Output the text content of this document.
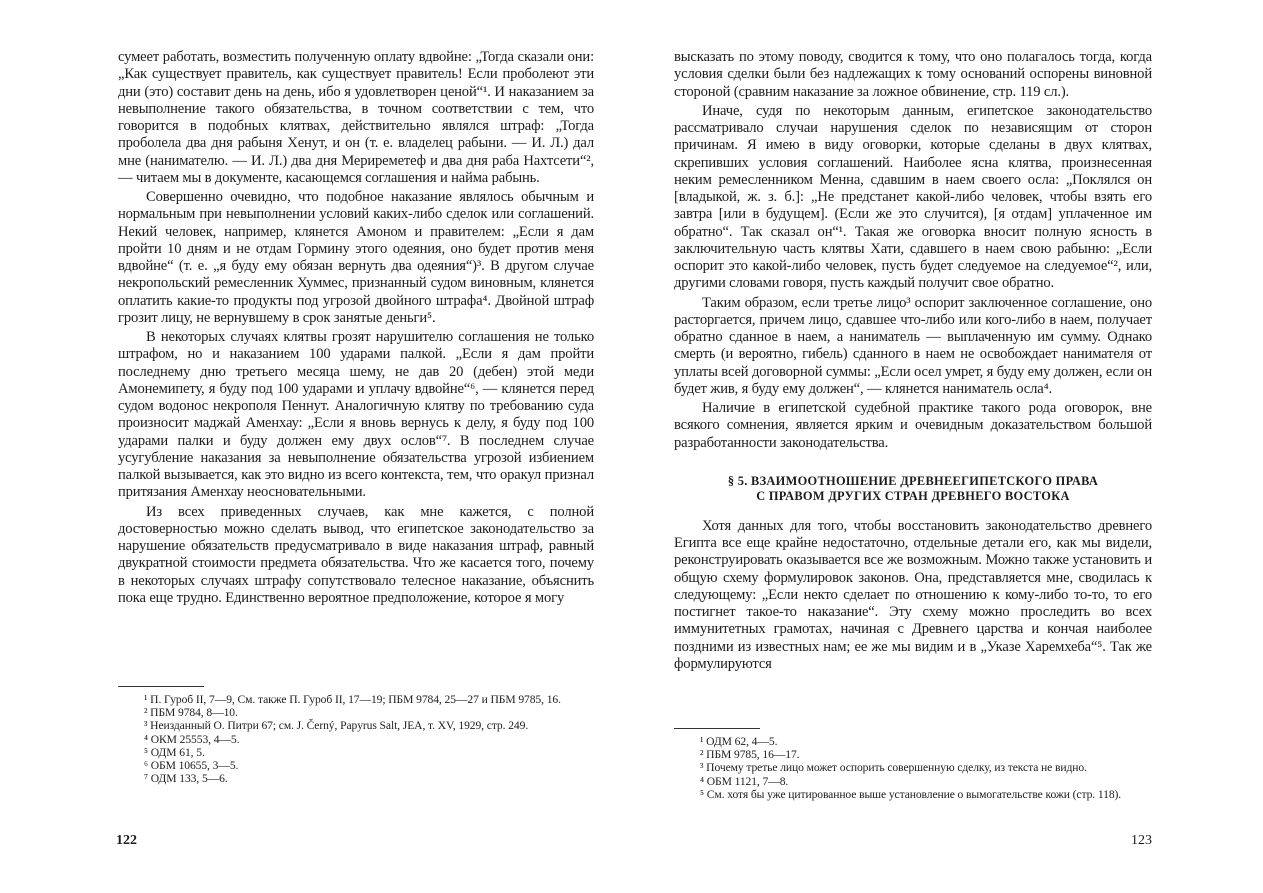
сумеет работать, возместить полученную оплату вдвойне: „Тогда сказали они: „Как существует правитель, как существует правитель! Если проболеют эти дни (это) составит день на день, ибо я удовлетворен ценой“¹. И наказанием за невыполнение такого обязательства, в точном соответствии с тем, что говорится в подобных клятвах, действительно являлся штраф: „Тогда проболела два дня рабыня Хенут, и он (т. е. владелец рабыни. — И. Л.) дал мне (нанимателю. — И. Л.) два дня Мериреметеф и два дня раба Нахтсети“², — читаем мы в документе, касающемся соглашения и найма рабынь.

Совершенно очевидно, что подобное наказание являлось обычным и нормальным при невыполнении условий каких-либо сделок или соглашений. Некий человек, например, клянется Амоном и правителем: „Если я дам пройти 10 дням и не отдам Гормину этого одеяния, оно будет против меня вдвойне“ (т. е. „я буду ему обязан вернуть два одеяния“)³. В другом случае некропольский ремесленник Хуммес, признанный судом виновным, клянется оплатить какие-то продукты под угрозой двойного штрафа⁴. Двойной штраф грозит лицу, не вернувшему в срок занятые деньги⁵.

В некоторых случаях клятвы грозят нарушителю соглашения не только штрафом, но и наказанием 100 ударами палкой. „Если я дам пройти последнему дню третьего месяца шему, не дав 20 (дебен) этой меди Амонемипету, я буду под 100 ударами и уплачу вдвойне“⁶, — клянется перед судом водонос некрополя Пеннут. Аналогичную клятву по требованию суда произносит маджай Аменхау: „Если я вновь вернусь к делу, я буду под 100 ударами палки и буду должен ему двух ослов“⁷. В последнем случае усугубление наказания за невыполнение обязательства угрозой избиением палкой вызывается, как это видно из всего контекста, тем, что оракул признал притязания Аменхау неосновательными.

Из всех приведенных случаев, как мне кажется, с полной достоверностью можно сделать вывод, что египетское законодательство за нарушение обязательств предусматривало в виде наказания штраф, равный двукратной стоимости предмета обязательства. Что же касается того, почему в некоторых случаях штрафу сопутствовало телесное наказание, объяснить пока еще трудно. Единственно вероятное предположение, которое я могу

¹ П. Гуроб II, 7—9, См. также П. Гуроб II, 17—19; ПБМ 9784, 25—27 и ПБМ 9785, 16.
² ПБМ 9784, 8—10.
³ Неизданный О. Питри 67; см. J. Černý, Papyrus Salt, JEA, т. XV, 1929, стр. 249.
⁴ ОКМ 25553, 4—5.
⁵ ОДМ 61, 5.
⁶ ОБМ 10655, 3—5.
⁷ ОДМ 133, 5—6.
122

высказать по этому поводу, сводится к тому, что оно полагалось тогда, когда условия сделки были без надлежащих к тому оснований оспорены виновной стороной (сравним наказание за ложное обвинение, стр. 119 сл.).

Иначе, судя по некоторым данным, египетское законодательство рассматривало случаи нарушения сделок по независящим от сторон причинам. Я имею в виду оговорки, которые сделаны в двух клятвах, скрепивших условия соглашений. Наиболее ясна клятва, произнесенная неким ремесленником Менна, сдавшим в наем своего осла: „Поклялся он [владыкой, ж. з. б.]: „Не предстанет какой-либо человек, чтобы взять его завтра [или в будущем]. (Если же это случится), [я отдам] уплаченное им обратно“. Так сказал он“¹. Такая же оговорка вносит полную ясность в заключительную часть клятвы Хати, сдавшего в наем свою рабыню: „Если оспорит это какой-либо человек, пусть будет следуемое на следуемое“², или, другими словами говоря, пусть каждый получит свое обратно.

Таким образом, если третье лицо³ оспорит заключенное соглашение, оно расторгается, причем лицо, сдавшее что-либо или кого-либо в наем, получает обратно сданное в наем, а наниматель — выплаченную им сумму. Однако смерть (и вероятно, гибель) сданного в наем не освобождает нанимателя от уплаты всей договорной суммы: „Если осел умрет, я буду ему должен, если он будет жив, я буду ему должен“, — клянется наниматель осла⁴.

Наличие в египетской судебной практике такого рода оговорок, вне всякого сомнения, является ярким и очевидным доказательством большой разработанности законодательства.

§ 5. ВЗАИМООТНОШЕНИЕ ДРЕВНЕЕГИПЕТСКОГО ПРАВА
С ПРАВОМ ДРУГИХ СТРАН ДРЕВНЕГО ВОСТОКА

Хотя данных для того, чтобы восстановить законодательство древнего Египта все еще крайне недостаточно, отдельные детали его, как мы видели, реконструировать оказывается все же возможным. Можно также установить и общую схему формулировок законов. Она, представляется мне, сводилась к следующему: „Если некто сделает по отношению к кому-либо то-то, то его постигнет такое-то наказание“. Эту схему можно проследить во всех иммунитетных грамотах, начиная с Древнего царства и кончая наиболее поздними из известных нам; ее же мы видим и в „Указе Харемхеба“⁵. Так же формулируются

¹ ОДМ 62, 4—5.
² ПБМ 9785, 16—17.
³ Почему третье лицо может оспорить совершенную сделку, из текста не видно.
⁴ ОБМ 1121, 7—8.
⁵ См. хотя бы уже цитированное выше установление о вымогательстве кожи (стр. 118).
123
